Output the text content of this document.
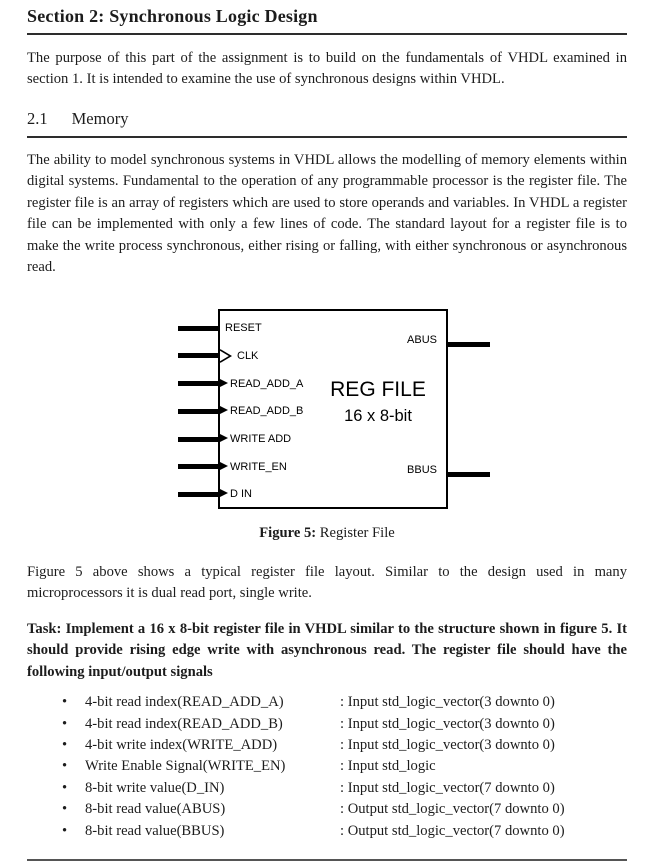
Section 2: Synchronous Logic Design

The purpose of this part of the assignment is to build on the fundamentals of VHDL examined in section 1. It is intended to examine the use of synchronous designs within VHDL.

2.1 Memory

The ability to model synchronous systems in VHDL allows the modelling of memory elements within digital systems. Fundamental to the operation of any programmable processor is the register file. The register file is an array of registers which are used to store operands and variables. In VHDL a register file can be implemented with only a few lines of code. The standard layout for a register file is to make the write process synchronous, either rising or falling, with either synchronous or asynchronous read.

RESET
CLK
READ_ADD_A
READ_ADD_B
WRITE ADD
WRITE_EN
D IN
ABUS
BBUS
REG FILE
16 x 8-bit

Figure 5: Register File

Figure 5 above shows a typical register file layout. Similar to the design used in many microprocessors it is dual read port, single write.

Task: Implement a 16 x 8-bit register file in VHDL similar to the structure shown in figure 5. It should provide rising edge write with asynchronous read. The register file should have the following input/output signals

•	4-bit read index(READ_ADD_A)	: Input std_logic_vector(3 downto 0)
•	4-bit read index(READ_ADD_B)	: Input std_logic_vector(3 downto 0)
•	4-bit write index(WRITE_ADD)	: Input std_logic_vector(3 downto 0)
•	Write Enable Signal(WRITE_EN)	: Input std_logic
•	8-bit write value(D_IN)	: Input std_logic_vector(7 downto 0)
•	8-bit read value(ABUS)	: Output std_logic_vector(7 downto 0)
•	8-bit read value(BBUS)	: Output std_logic_vector(7 downto 0)
